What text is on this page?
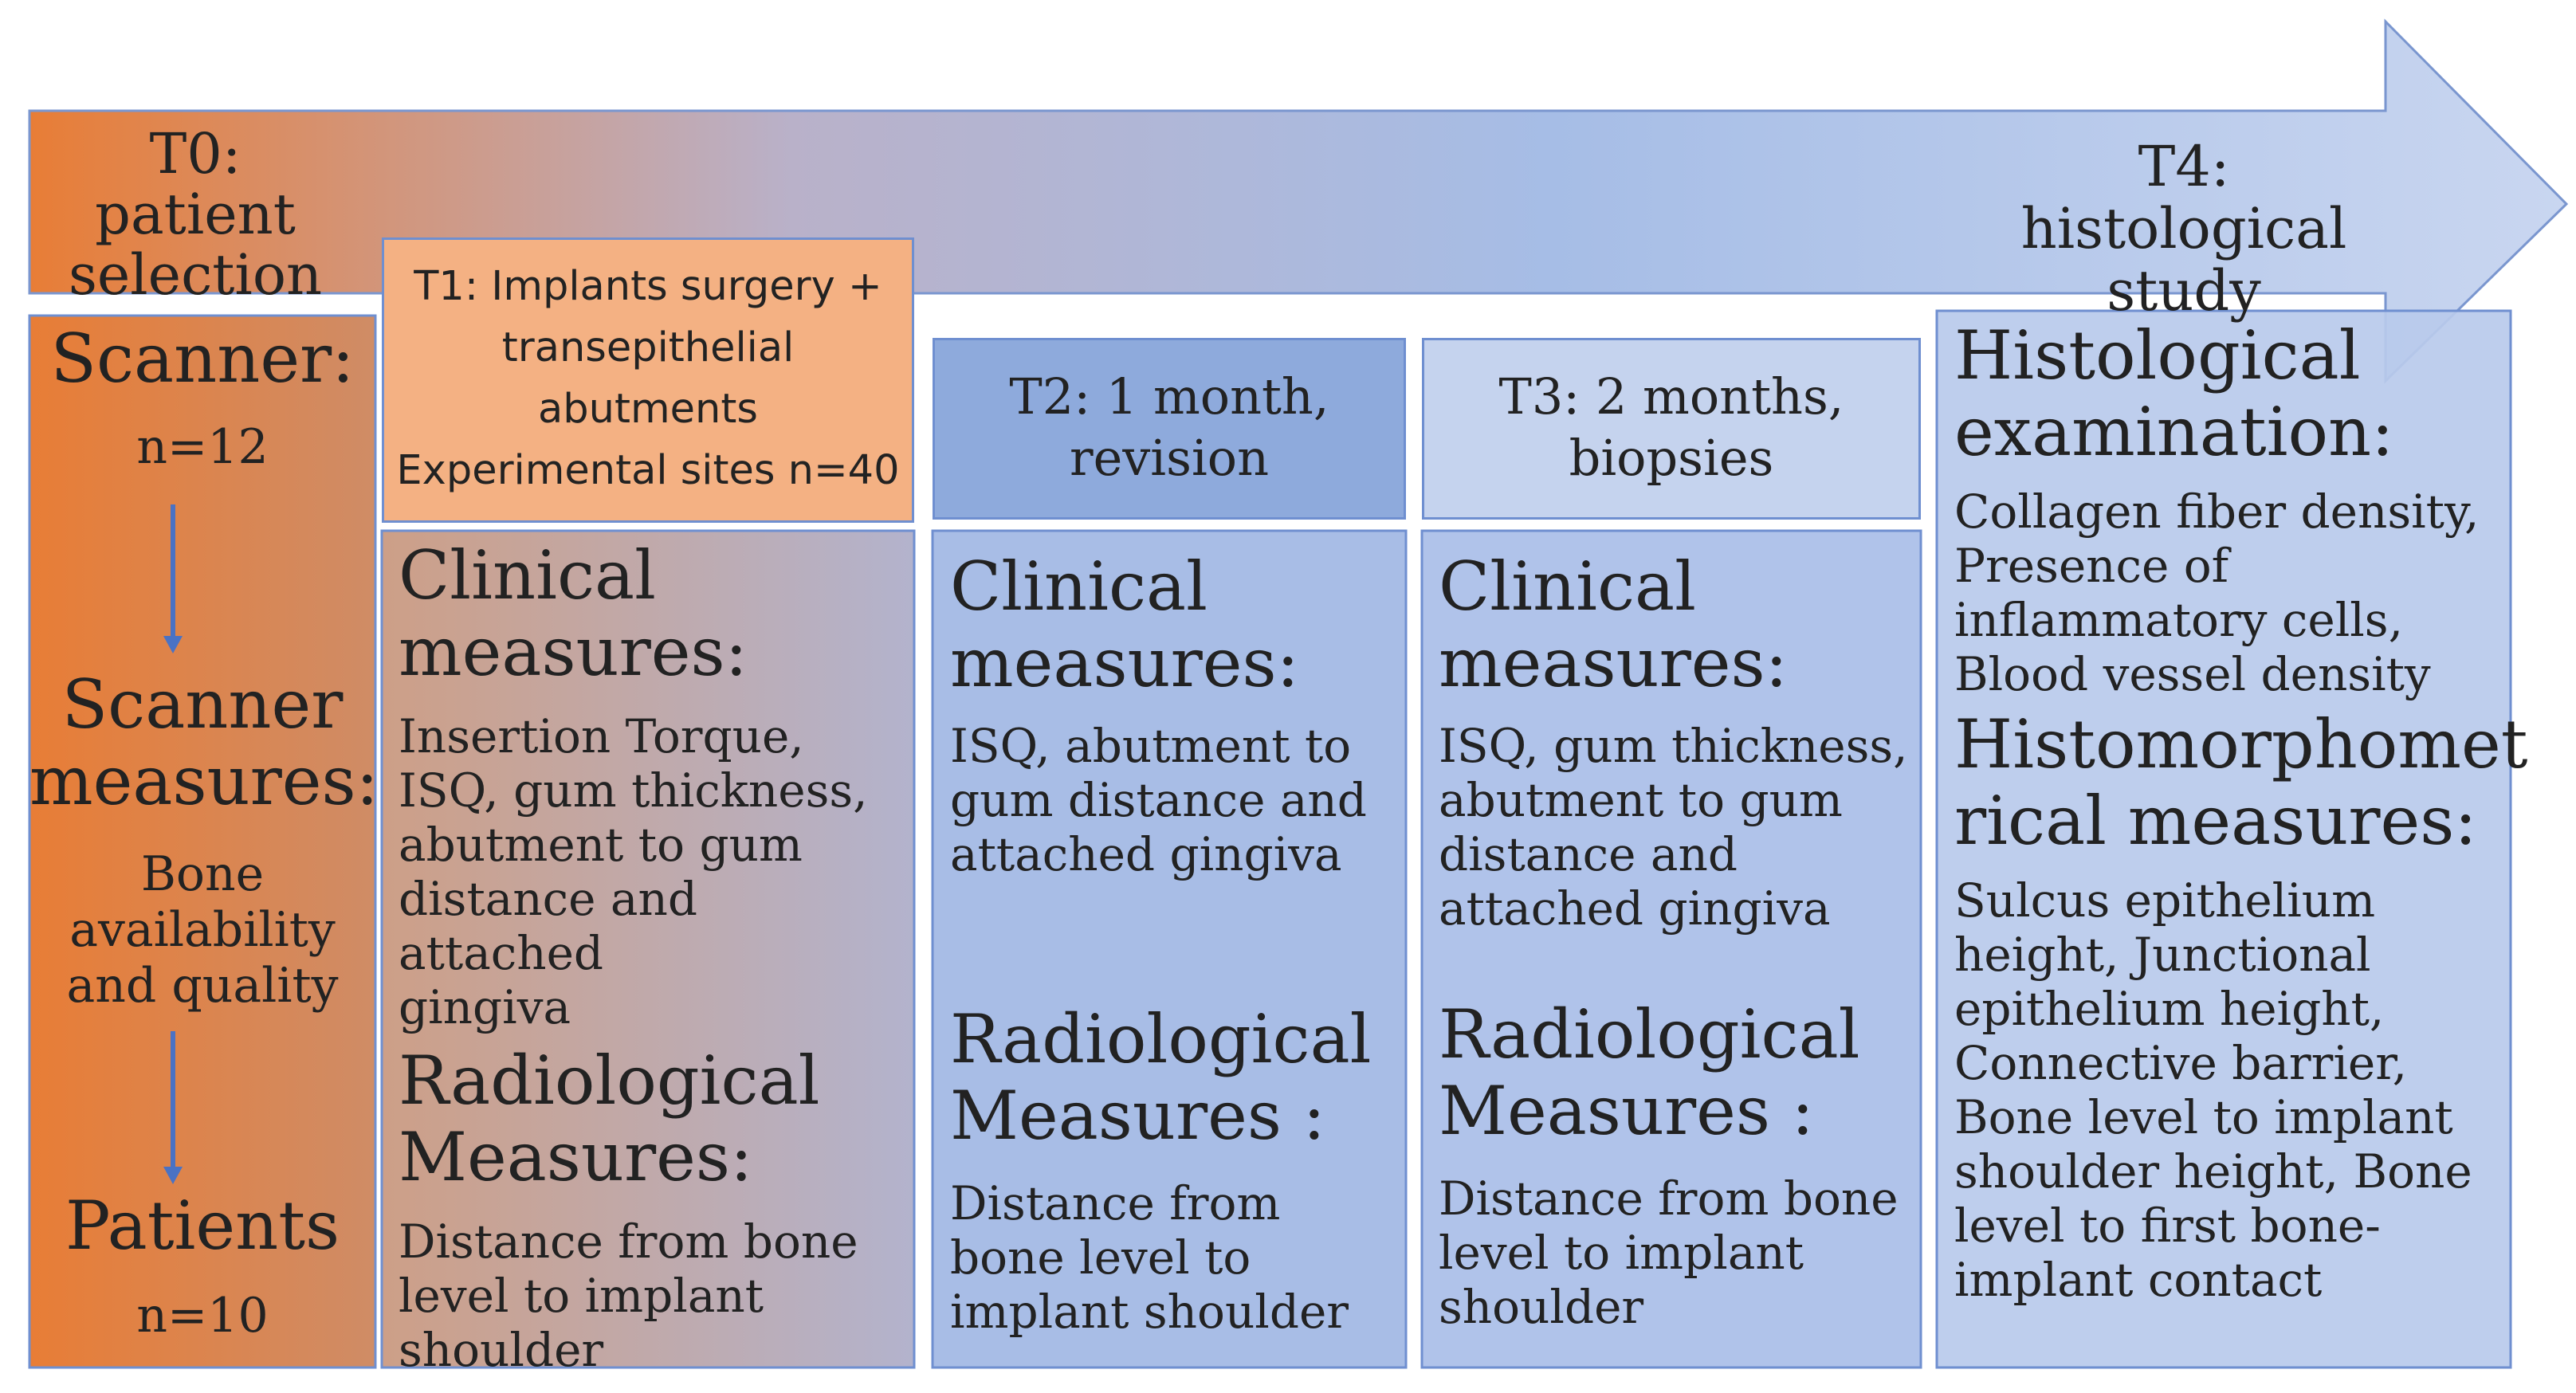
T0: patient
selection
T4: histological
study
Scanner:
n=12
Scanner
measures:
Bone
availability
and quality
Patients
n=10
T1: Implants surgery +
transepithelial
abutments
Experimental sites n=40
T2: 1 month,
revision
T3: 2 months,
biopsies
Clinical
measures:
Insertion Torque,
ISQ, gum thickness,
abutment to gum
distance and attached
gingiva
Radiological
Measures:
Distance from bone
level to implant
shoulder
Clinical
measures:
ISQ, abutment to
gum distance and
attached gingiva
Radiological
Measures :
Distance from
bone level to
implant shoulder
Clinical
measures:
ISQ, gum thickness,
abutment to gum
distance and
attached gingiva
Radiological
Measures :
Distance from bone
level to implant
shoulder
Histological
examination:
Collagen fiber density,
Presence of
inflammatory cells,
Blood vessel density
Histomorphomet
rical measures:
Sulcus epithelium
height, Junctional
epithelium height,
Connective barrier,
Bone level to implant
shoulder height, Bone
level to first bone-
implant contact
